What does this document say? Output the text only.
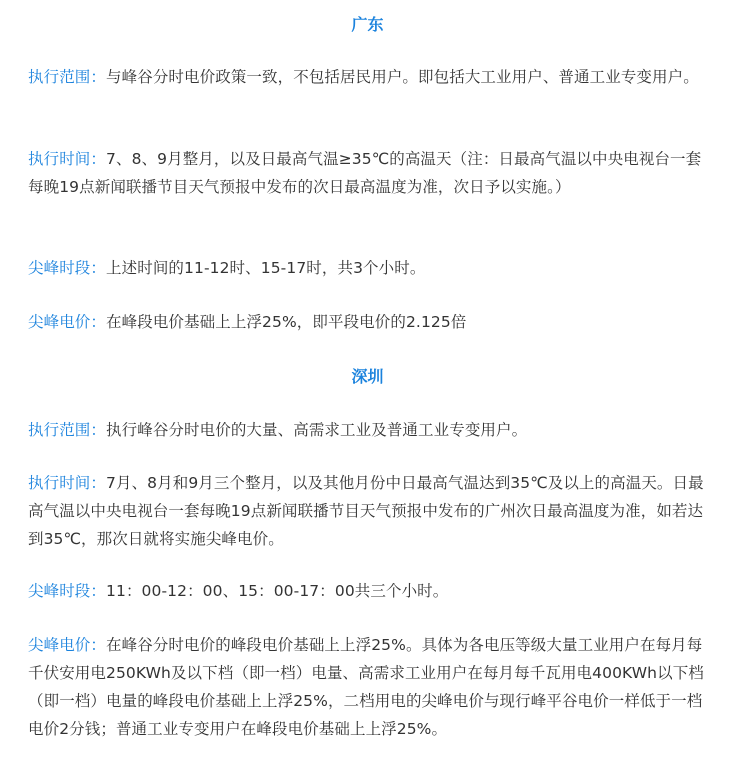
广东

执行范围：与峰谷分时电价政策一致，不包括居民用户。即包括大工业用户、普通工业专变用户。

执行时间：7、8、9月整月，以及日最高气温≥35℃的高温天（注：日最高气温以中央电视台一套每晚19点新闻联播节目天气预报中发布的次日最高温度为准，次日予以实施。）

尖峰时段：上述时间的11-12时、15-17时，共3个小时。

尖峰电价：在峰段电价基础上上浮25%，即平段电价的2.125倍

深圳

执行范围：执行峰谷分时电价的大量、高需求工业及普通工业专变用户。

执行时间：7月、8月和9月三个整月，以及其他月份中日最高气温达到35℃及以上的高温天。日最高气温以中央电视台一套每晚19点新闻联播节目天气预报中发布的广州次日最高温度为准，如若达到35℃，那次日就将实施尖峰电价。

尖峰时段：11：00-12：00、15：00-17：00共三个小时。

尖峰电价：在峰谷分时电价的峰段电价基础上上浮25%。具体为各电压等级大量工业用户在每月每千伏安用电250KWh及以下档（即一档）电量、高需求工业用户在每月每千瓦用电400KWh以下档（即一档）电量的峰段电价基础上上浮25%，二档用电的尖峰电价与现行峰平谷电价一样低于一档电价2分钱；普通工业专变用户在峰段电价基础上上浮25%。
